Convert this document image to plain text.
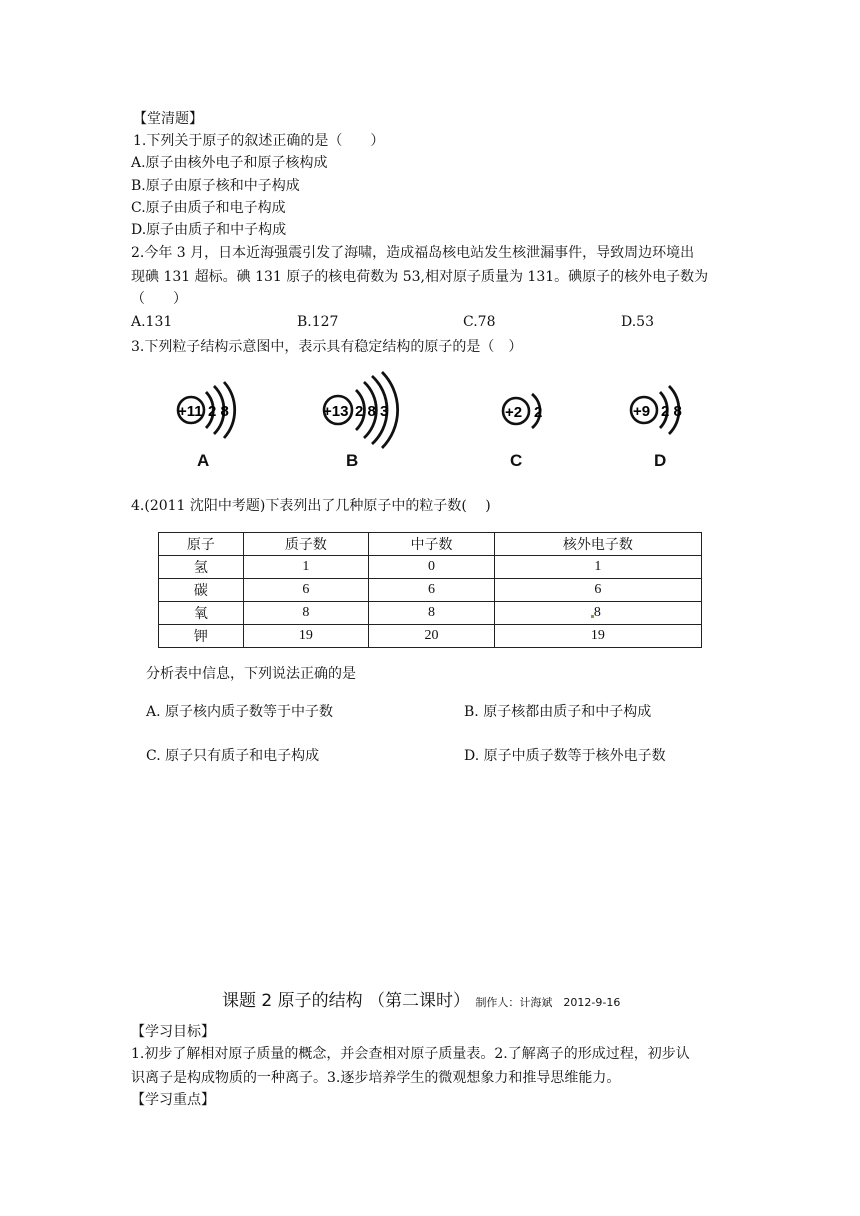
【堂清题】
1.下列关于原子的叙述正确的是（　　）
A.原子由核外电子和原子核构成
B.原子由原子核和中子构成
C.原子由质子和电子构成
D.原子由质子和中子构成
2.今年 3 月，日本近海强震引发了海啸，造成福岛核电站发生核泄漏事件，导致周边环境出
现碘 131 超标。碘 131 原子的核电荷数为 53,相对原子质量为 131。碘原子的核外电子数为
（　　）
A.131	B.127	C.78	D.53
3.下列粒子结构示意图中，表示具有稳定结构的原子的是（　）
+11 2 8
A
+13 2 8 3
B
+2 2
C
+9 2 8
D
4.(2011 沈阳中考题)下表列出了几种原子中的粒子数(　 )
原子	质子数	中子数	核外电子数
氢	1	0	1
碳	6	6	6
氧	8	8	8
钾	19	20	19
分析表中信息，下列说法正确的是
A. 原子核内质子数等于中子数	B. 原子核都由质子和中子构成
C. 原子只有质子和电子构成	D. 原子中质子数等于核外电子数
课题 2 原子的结构 （第二课时） 制作人：计海斌　2012-9-16
【学习目标】
1.初步了解相对原子质量的概念，并会查相对原子质量表。2.了解离子的形成过程，初步认
识离子是构成物质的一种离子。3.逐步培养学生的微观想象力和推导思维能力。
【学习重点】
